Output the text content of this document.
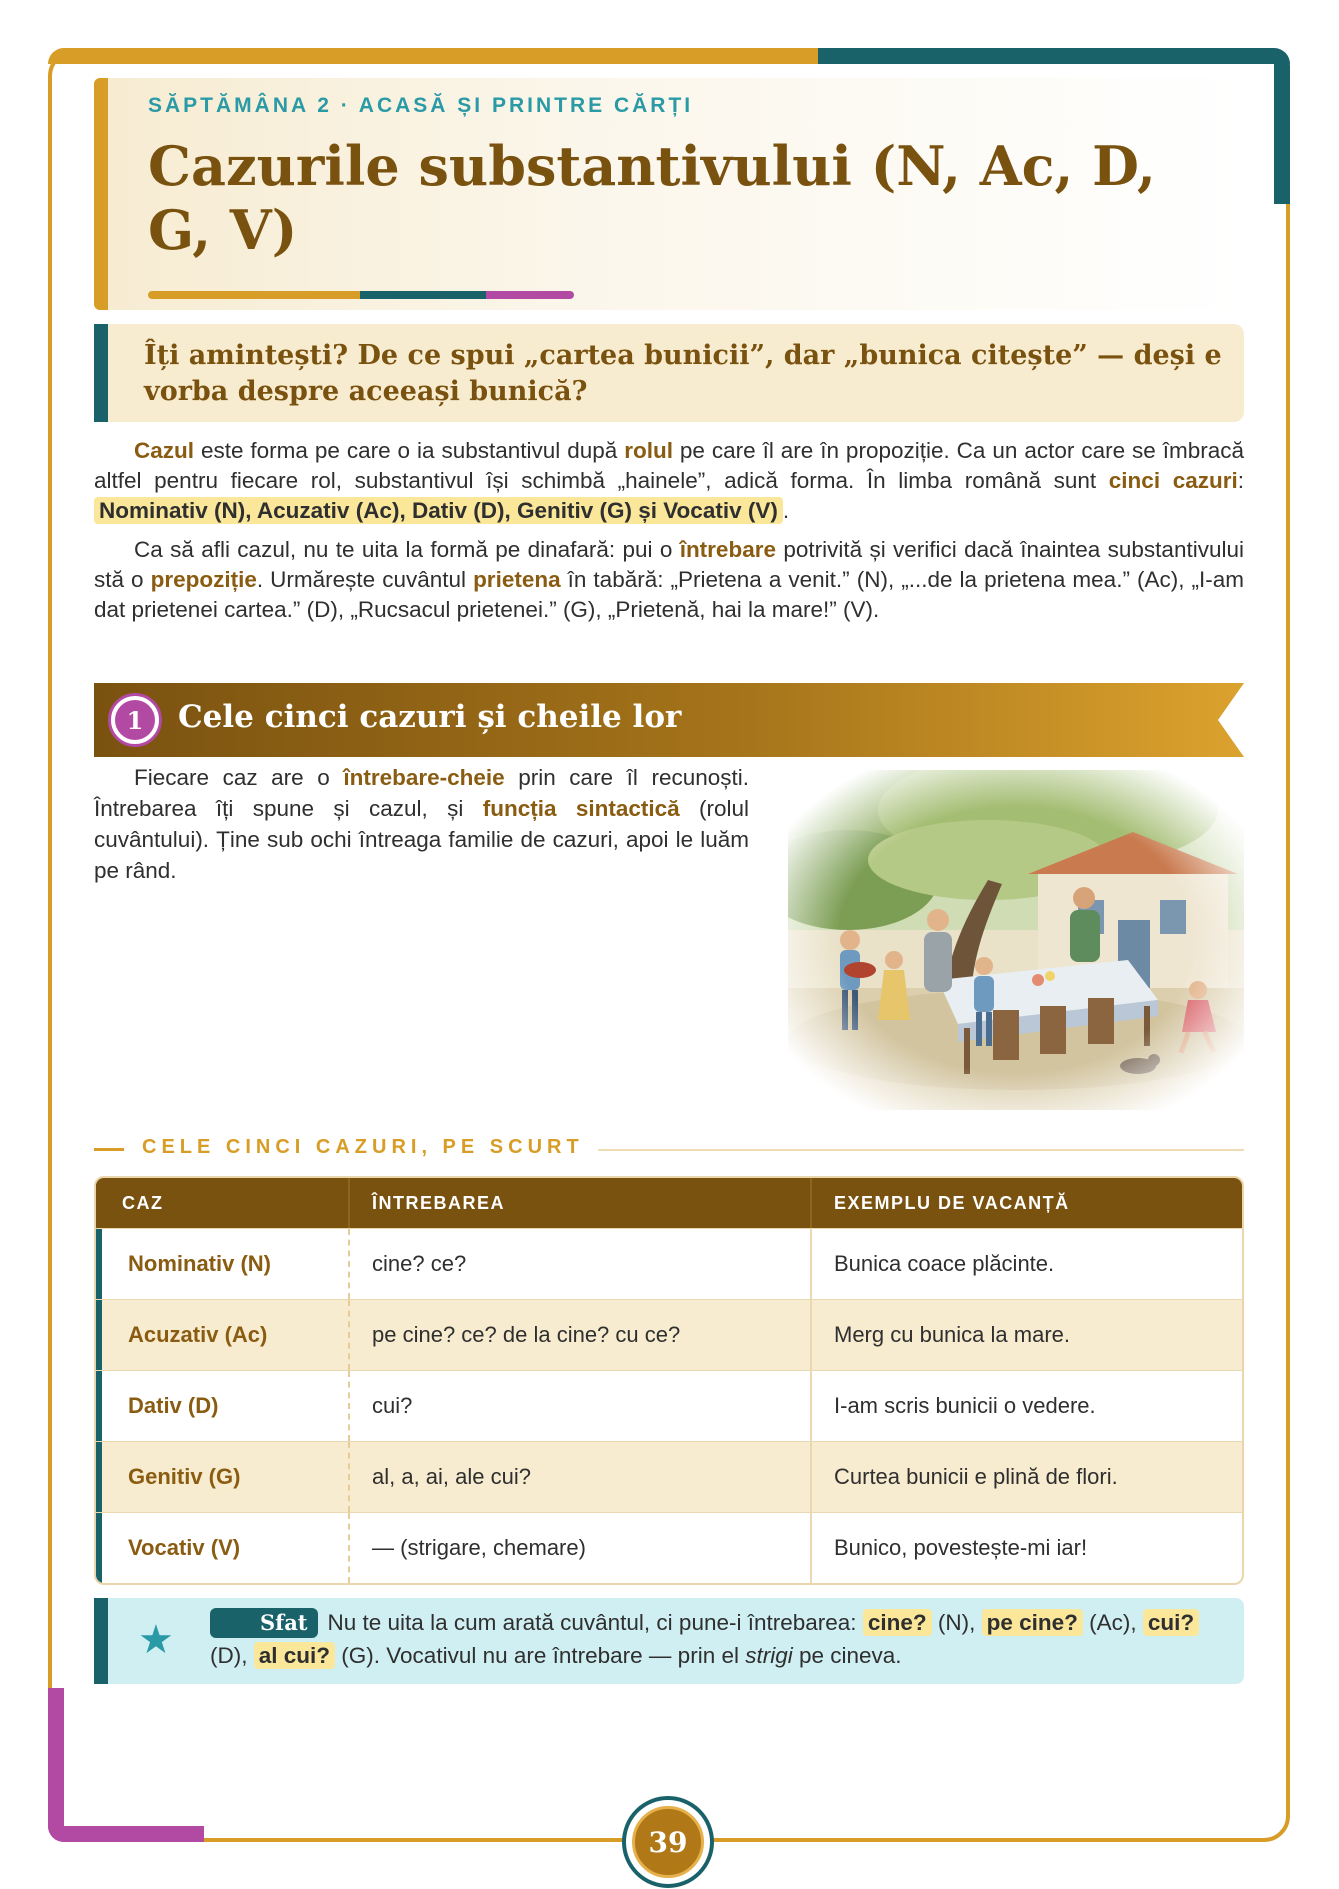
SĂPTĂMÂNA 2 · ACASĂ ȘI PRINTRE CĂRȚI
Cazurile substantivului (N, Ac, D, G, V)

Îți amintești? De ce spui „cartea bunicii”, dar „bunica citește” — deși e vorba despre aceeași bunică?

Cazul este forma pe care o ia substantivul după rolul pe care îl are în propoziție. Ca un actor care se îmbracă altfel pentru fiecare rol, substantivul își schimbă „hainele”, adică forma. În limba română sunt cinci cazuri: Nominativ (N), Acuzativ (Ac), Dativ (D), Genitiv (G) și Vocativ (V) .

Ca să afli cazul, nu te uita la formă pe dinafară: pui o întrebare potrivită și verifici dacă înaintea substantivului stă o prepoziție. Urmărește cuvântul prietena în tabără: „Prietena a venit.” (N), „...de la prietena mea.” (Ac), „I-am dat prietenei cartea.” (D), „Rucsacul prietenei.” (G), „Prietenă, hai la mare!” (V).

1	Cele cinci cazuri și cheile lor

Fiecare caz are o întrebare-cheie prin care îl recunoști. Întrebarea îți spune și cazul, și funcția sintactică (rolul cuvântului). Ține sub ochi întreaga familie de cazuri, apoi le luăm pe rând.

CELE CINCI CAZURI, PE SCURT
CAZ	ÎNTREBAREA	EXEMPLU DE VACANȚĂ
Nominativ (N)	cine? ce?	Bunica coace plăcinte.
Acuzativ (Ac)	pe cine? ce? de la cine? cu ce?	Merg cu bunica la mare.
Dativ (D)	cui?	I-am scris bunicii o vedere.
Genitiv (G)	al, a, ai, ale cui?	Curtea bunicii e plină de flori.
Vocativ (V)	— (strigare, chemare)	Bunico, povestește-mi iar!
★	Sfat Nu te uita la cum arată cuvântul, ci pune-i întrebarea: cine? (N), pe cine? (Ac), cui? (D), al cui? (G). Vocativul nu are întrebare — prin el strigi pe cineva.

39
